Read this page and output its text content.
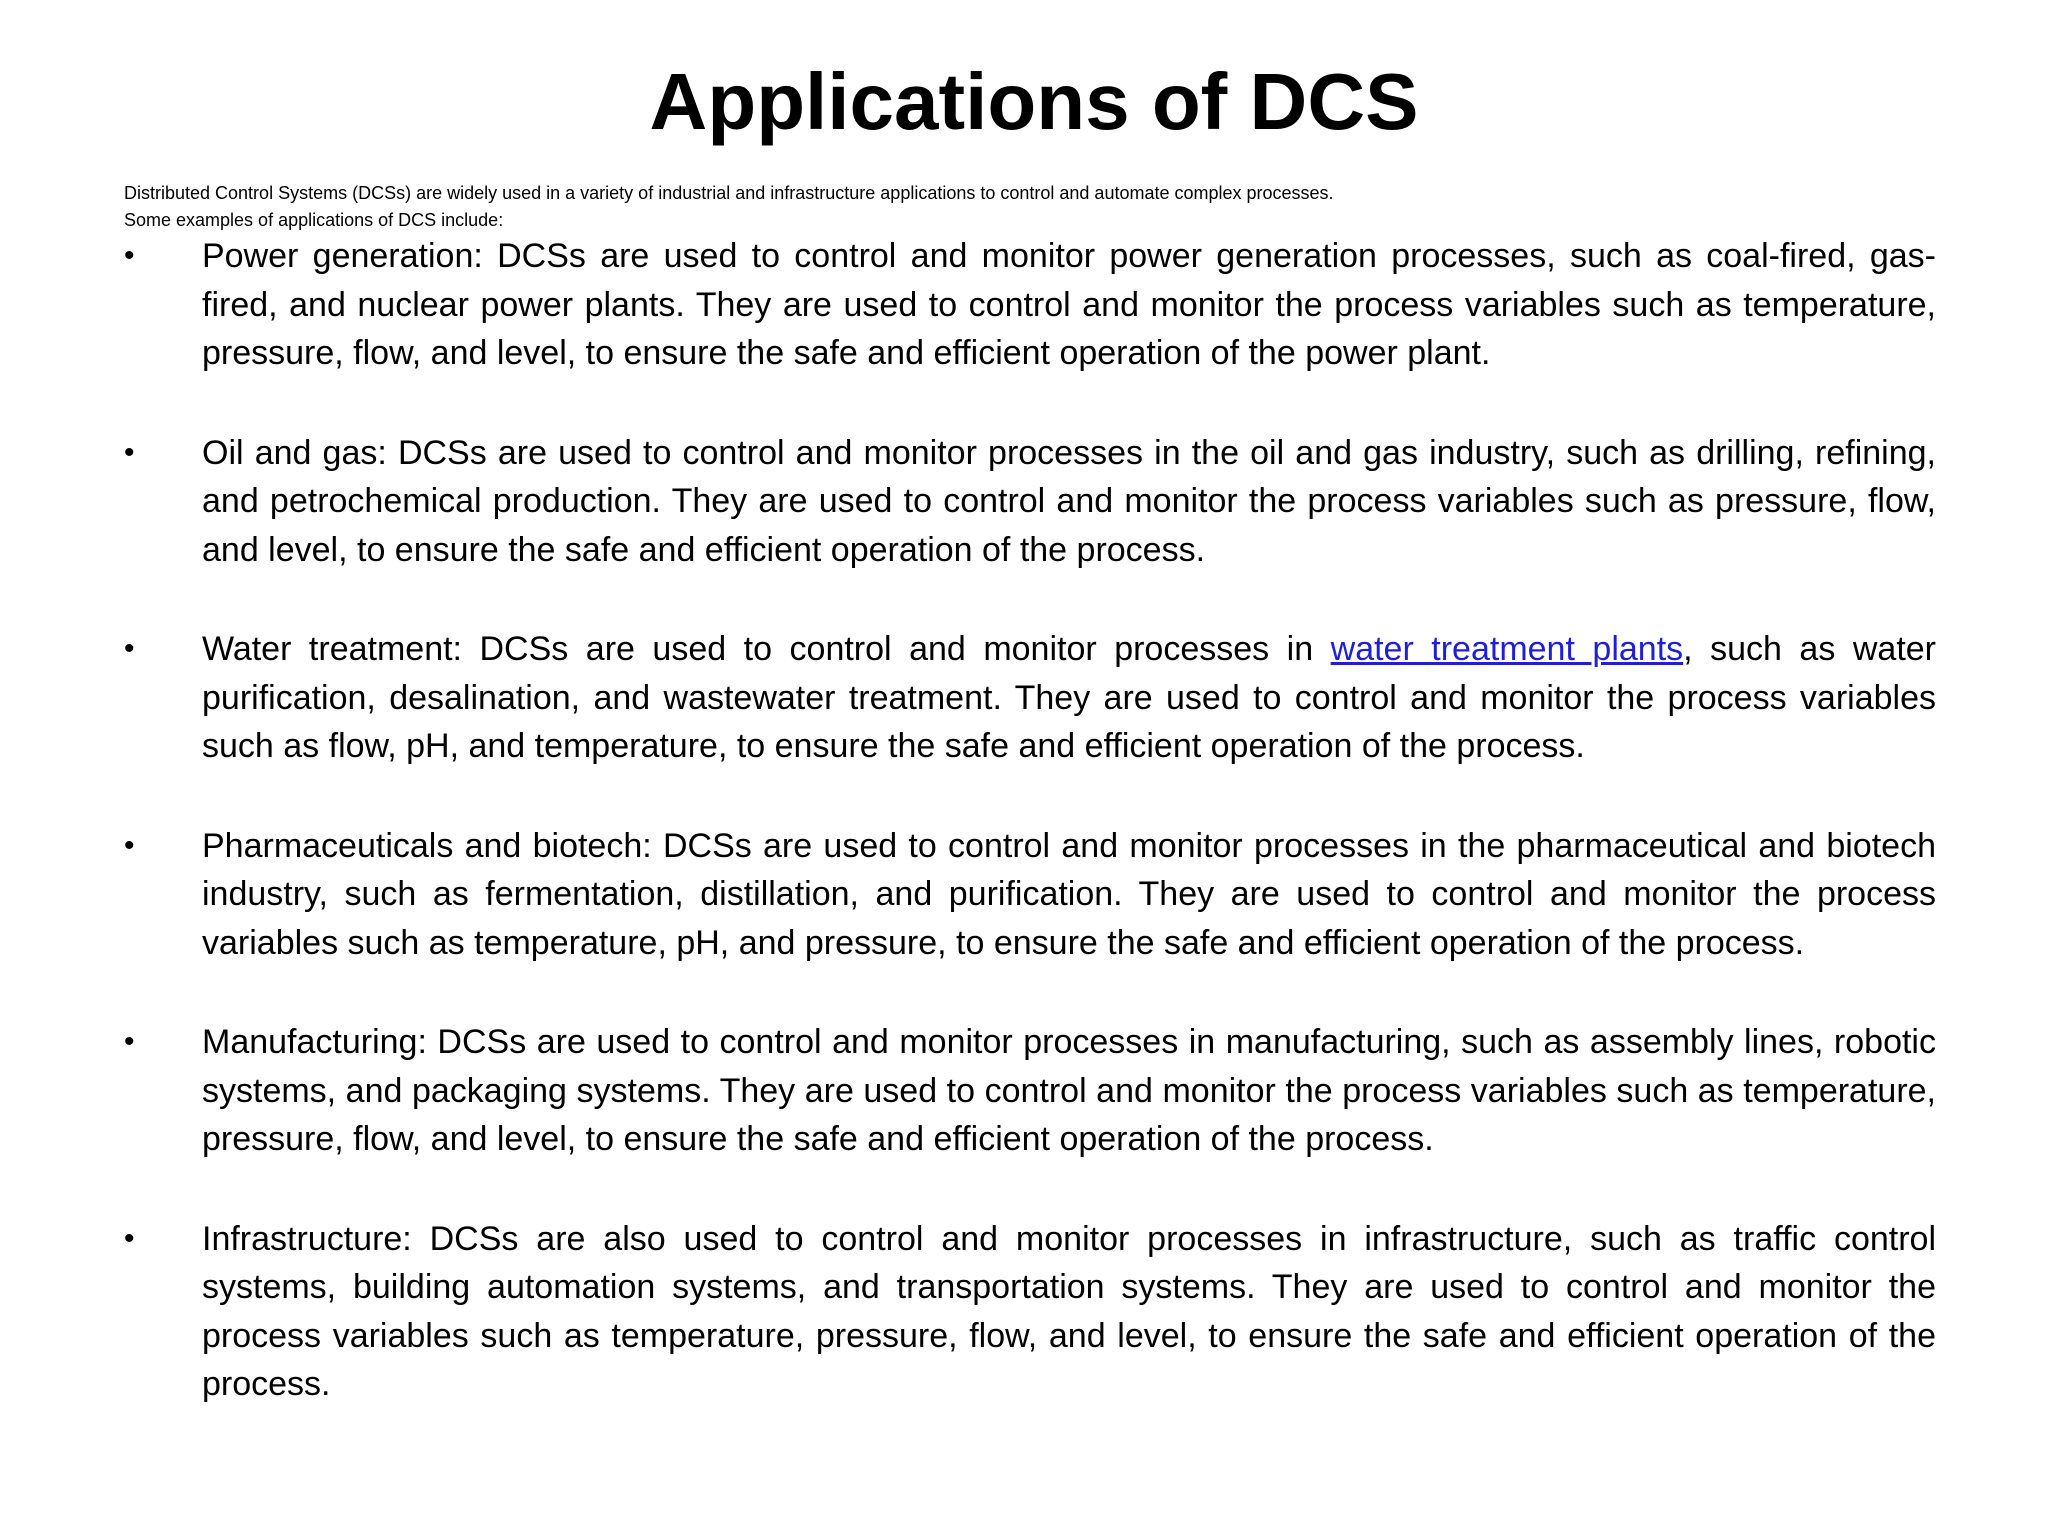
Applications of DCS

Distributed Control Systems (DCSs) are widely used in a variety of industrial and infrastructure applications to control and automate complex processes.

Some examples of applications of DCS include:

•	Power generation: DCSs are used to control and monitor power generation processes, such as coal-fired, gas-fired, and nuclear power plants. They are used to control and monitor the process variables such as temperature, pressure, flow, and level, to ensure the safe and efficient operation of the power plant.
•	Oil and gas: DCSs are used to control and monitor processes in the oil and gas industry, such as drilling, refining, and petrochemical production. They are used to control and monitor the process variables such as pressure, flow, and level, to ensure the safe and efficient operation of the process.
•	Water treatment: DCSs are used to control and monitor processes in water treatment plants, such as water purification, desalination, and wastewater treatment. They are used to control and monitor the process variables such as flow, pH, and temperature, to ensure the safe and efficient operation of the process.
•	Pharmaceuticals and biotech: DCSs are used to control and monitor processes in the pharmaceutical and biotech industry, such as fermentation, distillation, and purification. They are used to control and monitor the process variables such as temperature, pH, and pressure, to ensure the safe and efficient operation of the process.
•	Manufacturing: DCSs are used to control and monitor processes in manufacturing, such as assembly lines, robotic systems, and packaging systems. They are used to control and monitor the process variables such as temperature, pressure, flow, and level, to ensure the safe and efficient operation of the process.
•	Infrastructure: DCSs are also used to control and monitor processes in infrastructure, such as traffic control systems, building automation systems, and transportation systems. They are used to control and monitor the process variables such as temperature, pressure, flow, and level, to ensure the safe and efficient operation of the process.
